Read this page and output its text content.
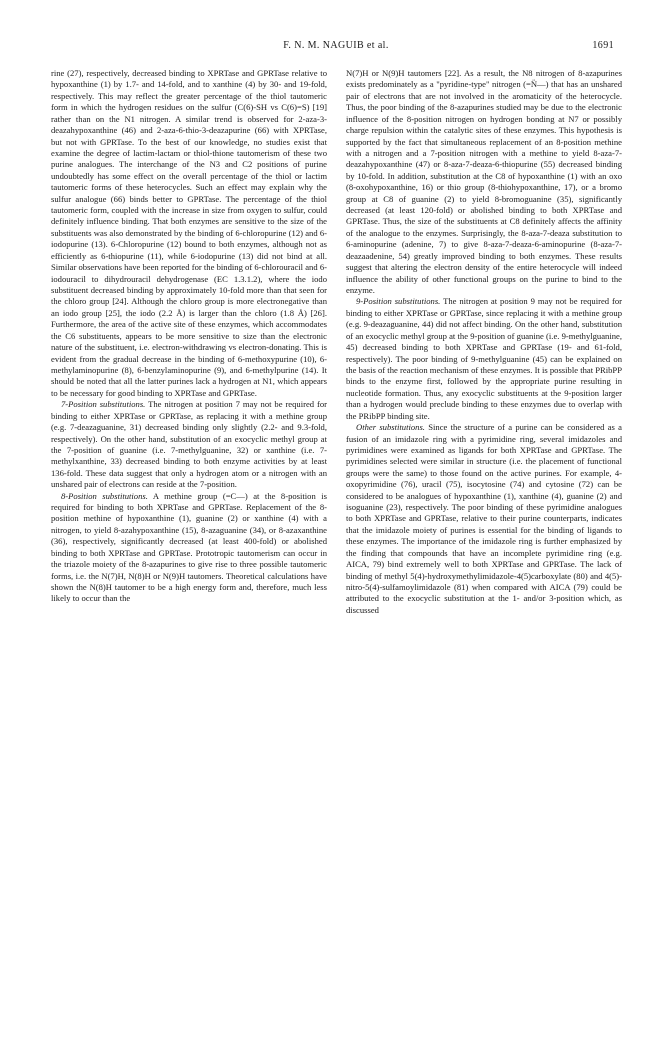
F. N. M. NAGUIB et al.	1691

rine (27), respectively, decreased binding to XPRTase and GPRTase relative to hypoxanthine (1) by 1.7- and 14-fold, and to xanthine (4) by 30- and 19-fold, respectively. This may reflect the greater percentage of the thiol tautomeric form in which the hydrogen residues on the sulfur (C(6)-SH vs C(6)=S) [19] rather than on the N1 nitrogen. A similar trend is observed for 2-aza-3-deazahypoxanthine (46) and 2-aza-6-thio-3-deazapurine (66) with XPRTase, but not with GPRTase. To the best of our knowledge, no studies exist that examine the degree of lactim-lactam or thiol-thione tautomerism of these two purine analogues. The interchange of the N3 and C2 positions of purine undoubtedly has some effect on the overall percentage of the thiol or lactim tautomeric forms of these heterocycles. Such an effect may explain why the sulfur analogue (66) binds better to GPRTase. The percentage of the thiol tautomeric form, coupled with the increase in size from oxygen to sulfur, could definitely influence binding. That both enzymes are sensitive to the size of the substituents was also demonstrated by the binding of 6-chloropurine (12) and 6-iodopurine (13). 6-Chloropurine (12) bound to both enzymes, although not as efficiently as 6-thiopurine (11), while 6-iodopurine (13) did not bind at all. Similar observations have been reported for the binding of 6-chlorouracil and 6-iodouracil to dihydrouracil dehydrogenase (EC 1.3.1.2), where the iodo substituent decreased binding by approximately 10-fold more than that seen for the chloro group [24]. Although the chloro group is more electronegative than an iodo group [25], the iodo (2.2 Å) is larger than the chloro (1.8 Å) [26]. Furthermore, the area of the active site of these enzymes, which accommodates the C6 substituents, appears to be more sensitive to size than the electronic nature of the substituent, i.e. electron-withdrawing vs electron-donating. This is evident from the gradual decrease in the binding of 6-methoxypurine (10), 6-methylaminopurine (8), 6-benzylaminopurine (9), and 6-methylpurine (14). It should be noted that all the latter purines lack a hydrogen at N1, which appears to be necessary for good binding to XPRTase and GPRTase.

7-Position substitutions. The nitrogen at position 7 may not be required for binding to either XPRTase or GPRTase, as replacing it with a methine group (e.g. 7-deazaguanine, 31) decreased binding only slightly (2.2- and 9.3-fold, respectively). On the other hand, substitution of an exocyclic methyl group at the 7-position of guanine (i.e. 7-methylguanine, 32) or xanthine (i.e. 7-methylxanthine, 33) decreased binding to both enzyme activities by at least 136-fold. These data suggest that only a hydrogen atom or a nitrogen with an unshared pair of electrons can reside at the 7-position.

8-Position substitutions. A methine group (=C—) at the 8-position is required for binding to both XPRTase and GPRTase. Replacement of the 8-position methine of hypoxanthine (1), guanine (2) or xanthine (4) with a nitrogen, to yield 8-azahypoxanthine (15), 8-azaguanine (34), or 8-azaxanthine (36), respectively, significantly decreased (at least 400-fold) or abolished binding to both XPRTase and GPRTase. Prototropic tautomerism can occur in the triazole moiety of the 8-azapurines to give rise to three possible tautomeric forms, i.e. the N(7)H, N(8)H or N(9)H tautomers. Theoretical calculations have shown the N(8)H tautomer to be a high energy form and, therefore, much less likely to occur than the

N(7)H or N(9)H tautomers [22]. As a result, the N8 nitrogen of 8-azapurines exists predominately as a "pyridine-type" nitrogen (=N̈—) that has an unshared pair of electrons that are not involved in the aromaticity of the heterocycle. Thus, the poor binding of the 8-azapurines studied may be due to the electronic influence of the 8-position nitrogen on hydrogen bonding at N7 or possibly charge repulsion within the catalytic sites of these enzymes. This hypothesis is supported by the fact that simultaneous replacement of an 8-position methine with a nitrogen and a 7-position nitrogen with a methine to yield 8-aza-7-deazahypoxanthine (47) or 8-aza-7-deaza-6-thiopurine (55) decreased binding by 10-fold. In addition, substitution at the C8 of hypoxanthine (1) with an oxo (8-oxohypoxanthine, 16) or thio group (8-thiohypoxanthine, 17), or a bromo group at C8 of guanine (2) to yield 8-bromoguanine (35), significantly decreased (at least 120-fold) or abolished binding to both XPRTase and GPRTase. Thus, the size of the substituents at C8 definitely affects the affinity of the analogue to the enzymes. Surprisingly, the 8-aza-7-deaza substitution to 6-aminopurine (adenine, 7) to give 8-aza-7-deaza-6-aminopurine (8-aza-7-deazaadenine, 54) greatly improved binding to both enzymes. These results suggest that altering the electron density of the entire heterocycle will indeed influence the ability of other functional groups on the purine to bind to the enzyme.

9-Position substitutions. The nitrogen at position 9 may not be required for binding to either XPRTase or GPRTase, since replacing it with a methine group (e.g. 9-deazaguanine, 44) did not affect binding. On the other hand, substitution of an exocyclic methyl group at the 9-position of guanine (i.e. 9-methylguanine, 45) decreased binding to both XPRTase and GPRTase (19- and 61-fold, respectively). The poor binding of 9-methylguanine (45) can be explained on the basis of the reaction mechanism of these enzymes. It is possible that PRibPP binds to the enzyme first, followed by the appropriate purine resulting in nucleotide formation. Thus, any exocyclic substituents at the 9-position larger than a hydrogen would preclude binding to these enzymes due to overlap with the PRibPP binding site.

Other substitutions. Since the structure of a purine can be considered as a fusion of an imidazole ring with a pyrimidine ring, several imidazoles and pyrimidines were examined as ligands for both XPRTase and GPRTase. The pyrimidines selected were similar in structure (i.e. the placement of functional groups were the same) to those found on the active purines. For example, 4-oxopyrimidine (76), uracil (75), isocytosine (74) and cytosine (72) can be considered to be analogues of hypoxanthine (1), xanthine (4), guanine (2) and isoguanine (23), respectively. The poor binding of these pyrimidine analogues to both XPRTase and GPRTase, relative to their purine counterparts, indicates that the imidazole moiety of purines is essential for the binding of ligands to these enzymes. The importance of the imidazole ring is further emphasized by the finding that compounds that have an incomplete pyrimidine ring (e.g. AICA, 79) bind extremely well to both XPRTase and GPRTase. The lack of binding of methyl 5(4)-hydroxymethylimidazole-4(5)carboxylate (80) and 4(5)-nitro-5(4)-sulfamoylimidazole (81) when compared with AICA (79) could be attributed to the exocyclic substitution at the 1- and/or 3-position which, as discussed
